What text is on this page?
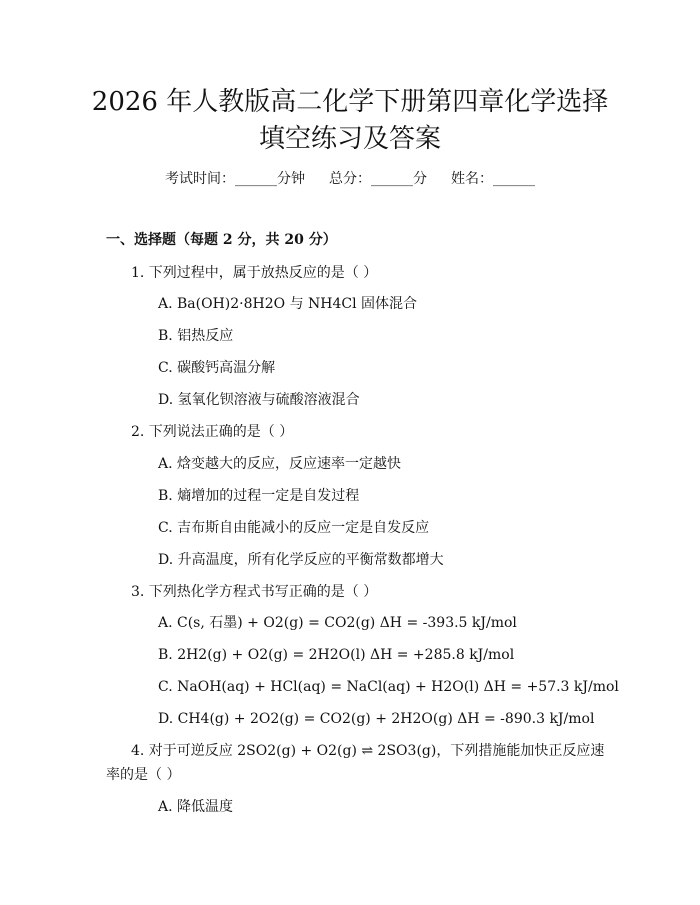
2026 年人教版高二化学下册第四章化学选择
填空练习及答案
考试时间：______分钟 总分：______分 姓名：______
一、选择题（每题 2 分，共 20 分）
1. 下列过程中，属于放热反应的是（ ）
A. Ba(OH)2·8H2O 与 NH4Cl 固体混合
B. 铝热反应
C. 碳酸钙高温分解
D. 氢氧化钡溶液与硫酸溶液混合
2. 下列说法正确的是（ ）
A. 焓变越大的反应，反应速率一定越快
B. 熵增加的过程一定是自发过程
C. 吉布斯自由能减小的反应一定是自发反应
D. 升高温度，所有化学反应的平衡常数都增大
3. 下列热化学方程式书写正确的是（ ）
A. C(s, 石墨) + O2(g) = CO2(g) ΔH = -393.5 kJ/mol
B. 2H2(g) + O2(g) = 2H2O(l) ΔH = +285.8 kJ/mol
C. NaOH(aq) + HCl(aq) = NaCl(aq) + H2O(l) ΔH = +57.3 kJ/mol
D. CH4(g) + 2O2(g) = CO2(g) + 2H2O(g) ΔH = -890.3 kJ/mol
4. 对于可逆反应 2SO2(g) + O2(g) ⇌ 2SO3(g)，下列措施能加快正反应速
率的是（ ）
A. 降低温度
